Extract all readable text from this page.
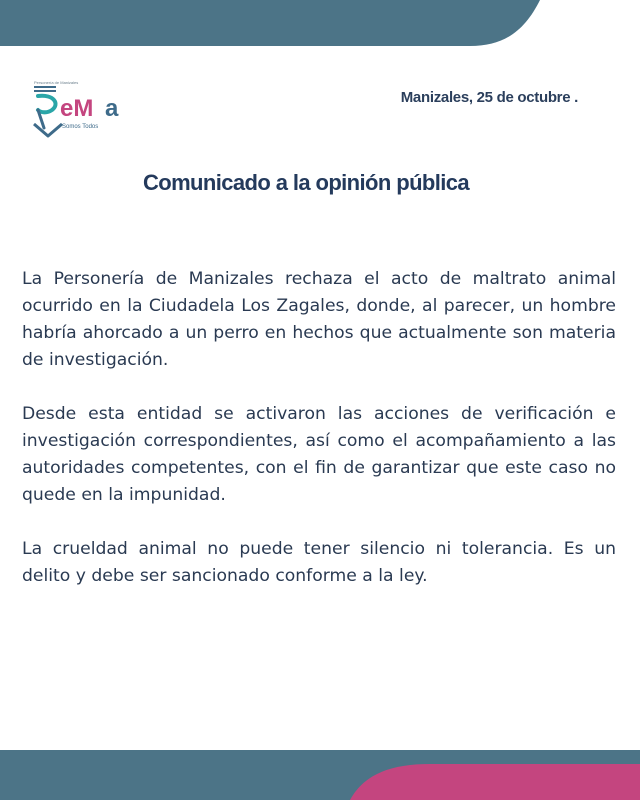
Personería de Manizales
eM a
Somos Todos
Manizales, 25 de octubre .
Comunicado a la opinión pública

La Personería de Manizales rechaza el acto de maltrato animal ocurrido en la Ciudadela Los Zagales, donde, al parecer, un hombre habría ahorcado a un perro en hechos que actualmente son materia de investigación.

Desde esta entidad se activaron las acciones de verificación e investigación correspondientes, así como el acompañamiento a las autoridades competentes, con el fin de garantizar que este caso no quede en la impunidad.

La crueldad animal no puede tener silencio ni tolerancia. Es un delito y debe ser sancionado conforme a la ley.
